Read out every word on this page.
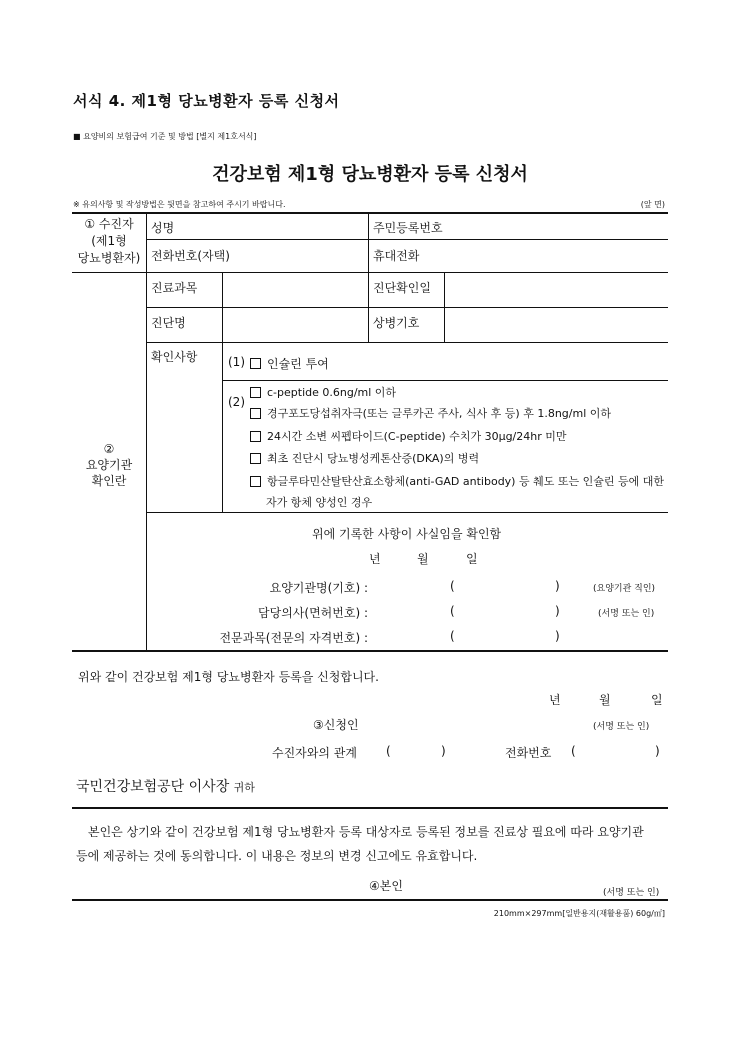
서식 4. 제1형 당뇨병환자 등록 신청서
■ 요양비의 보험급여 기준 및 방법 [별지 제1호서식]
건강보험 제1형 당뇨병환자 등록 신청서
※ 유의사항 및 작성방법은 뒷면을 참고하여 주시기 바랍니다.	(앞 면)
① 수진자
(제1형
당뇨병환자)
성명	주민등록번호
전화번호(자택)	휴대전화
②
요양기관
확인란
진료과목	진단확인일
진단명	상병기호
확인사항	(1)	인슐린 투여
(2)
c-peptide 0.6ng/ml 이하
경구포도당섭취자극(또는 글루카곤 주사, 식사 후 등) 후 1.8ng/ml 이하
24시간 소변 씨펩타이드(C-peptide) 수치가 30μg/24hr 미만
최초 진단시 당뇨병성케톤산증(DKA)의 병력
항글루타민산탈탄산효소항체(anti-GAD antibody) 등 췌도 또는 인슐린 등에 대한
자가 항체 양성인 경우
위에 기록한 사항이 사실임을 확인함
년	월	일
요양기관명(기호) :	(	)	(요양기관 직인)
담당의사(면허번호) :	(	)	(서명 또는 인)
전문과목(전문의 자격번호) :	(	)
위와 같이 건강보험 제1형 당뇨병환자 등록을 신청합니다.
년	월	일
③신청인	(서명 또는 인)
수진자와의 관계 (	)	전화번호 (	)
국민건강보험공단 이사장 귀하
본인은 상기와 같이 건강보험 제1형 당뇨병환자 등록 대상자로 등록된 정보를 진료상 필요에 따라 요양기관
등에 제공하는 것에 동의합니다. 이 내용은 정보의 변경 신고에도 유효합니다.
④본인	(서명 또는 인)
210mm×297mm[일반용지(재활용품) 60g/㎡]
